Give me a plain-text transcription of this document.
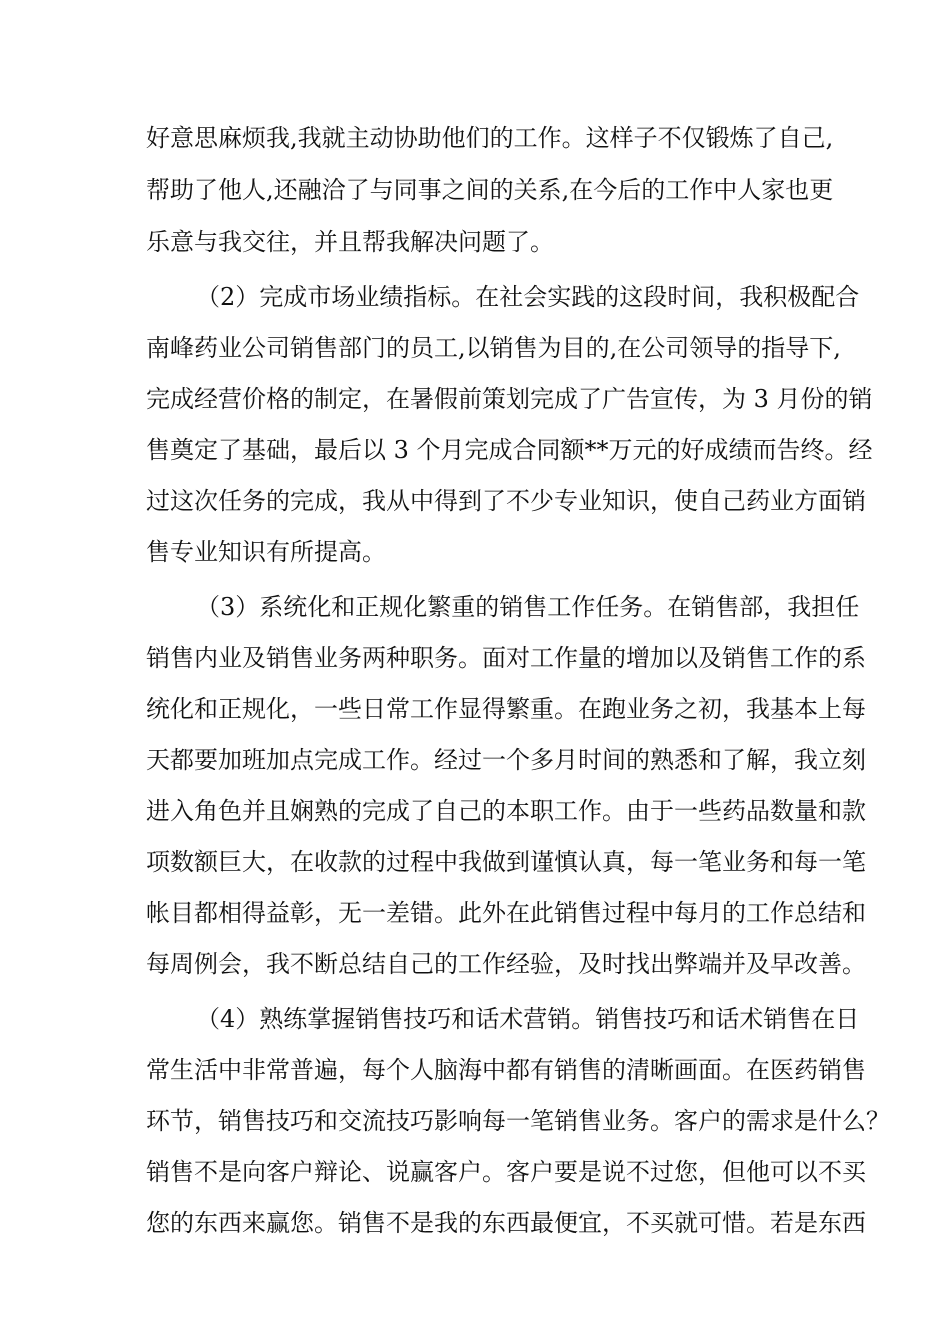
好意思麻烦我,我就主动协助他们的工作。这样子不仅锻炼了自己,
帮助了他人,还融洽了与同事之间的关系,在今后的工作中人家也更
乐意与我交往，并且帮我解决问题了。
（2）完成市场业绩指标。在社会实践的这段时间，我积极配合
南峰药业公司销售部门的员工,以销售为目的,在公司领导的指导下,
完成经营价格的制定，在暑假前策划完成了广告宣传，为 3 月份的销
售奠定了基础，最后以 3 个月完成合同额**万元的好成绩而告终。经
过这次任务的完成，我从中得到了不少专业知识，使自己药业方面销
售专业知识有所提高。
（3）系统化和正规化繁重的销售工作任务。在销售部，我担任
销售内业及销售业务两种职务。面对工作量的增加以及销售工作的系
统化和正规化，一些日常工作显得繁重。在跑业务之初，我基本上每
天都要加班加点完成工作。经过一个多月时间的熟悉和了解，我立刻
进入角色并且娴熟的完成了自己的本职工作。由于一些药品数量和款
项数额巨大，在收款的过程中我做到谨慎认真，每一笔业务和每一笔
帐目都相得益彰，无一差错。此外在此销售过程中每月的工作总结和
每周例会，我不断总结自己的工作经验，及时找出弊端并及早改善。
（4）熟练掌握销售技巧和话术营销。销售技巧和话术销售在日
常生活中非常普遍，每个人脑海中都有销售的清晰画面。在医药销售
环节，销售技巧和交流技巧影响每一笔销售业务。客户的需求是什么？
销售不是向客户辩论、说赢客户。客户要是说不过您，但他可以不买
您的东西来赢您。销售不是我的东西最便宜，不买就可惜。若是东西
